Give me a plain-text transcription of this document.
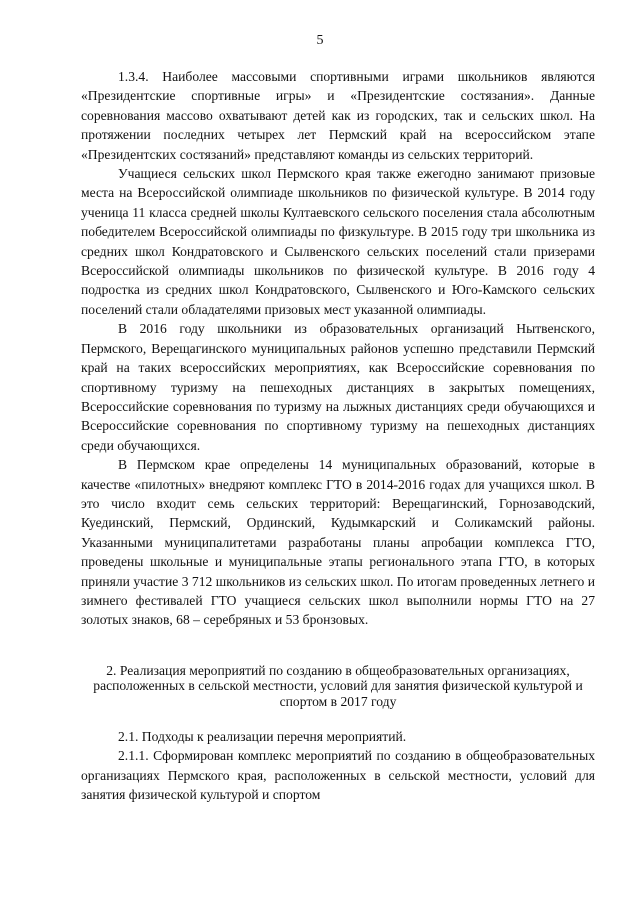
5

1.3.4. Наиболее массовыми спортивными играми школьников являются «Президентские спортивные игры» и «Президентские состязания». Данные соревнования массово охватывают детей как из городских, так и сельских школ. На протяжении последних четырех лет Пермский край на всероссийском этапе «Президентских состязаний» представляют команды из сельских территорий.

Учащиеся сельских школ Пермского края также ежегодно занимают призовые места на Всероссийской олимпиаде школьников по физической культуре. В 2014 году ученица 11 класса средней школы Култаевского сельского поселения стала абсолютным победителем Всероссийской олимпиады по физкультуре. В 2015 году три школьника из средних школ Кондратовского и Сылвенского сельских поселений стали призерами Всероссийской олимпиады школьников по физической культуре. В 2016 году 4 подростка из средних школ Кондратовского, Сылвенского и Юго-Камского сельских поселений стали обладателями призовых мест указанной олимпиады.

В 2016 году школьники из образовательных организаций Нытвенского, Пермского, Верещагинского муниципальных районов успешно представили Пермский край на таких всероссийских мероприятиях, как Всероссийские соревнования по спортивному туризму на пешеходных дистанциях в закрытых помещениях, Всероссийские соревнования по туризму на лыжных дистанциях среди обучающихся и Всероссийские соревнования по спортивному туризму на пешеходных дистанциях среди обучающихся.

В Пермском крае определены 14 муниципальных образований, которые в качестве «пилотных» внедряют комплекс ГТО в 2014-2016 годах для учащихся школ. В это число входит семь сельских территорий: Верещагинский, Горнозаводский, Куединский, Пермский, Ординский, Кудымкарский и Соликамский районы. Указанными муниципалитетами разработаны планы апробации комплекса ГТО, проведены школьные и муниципальные этапы регионального этапа ГТО, в которых приняли участие 3 712 школьников из сельских школ. По итогам проведенных летнего и зимнего фестивалей ГТО учащиеся сельских школ выполнили нормы ГТО на 27 золотых знаков, 68 – серебряных и 53 бронзовых.

2. Реализация мероприятий по созданию в общеобразовательных организациях, расположенных в сельской местности, условий для занятия физической культурой и спортом в 2017 году

2.1. Подходы к реализации перечня мероприятий.

2.1.1. Сформирован комплекс мероприятий по созданию в общеобразовательных организациях Пермского края, расположенных в сельской местности, условий для занятия физической культурой и спортом
